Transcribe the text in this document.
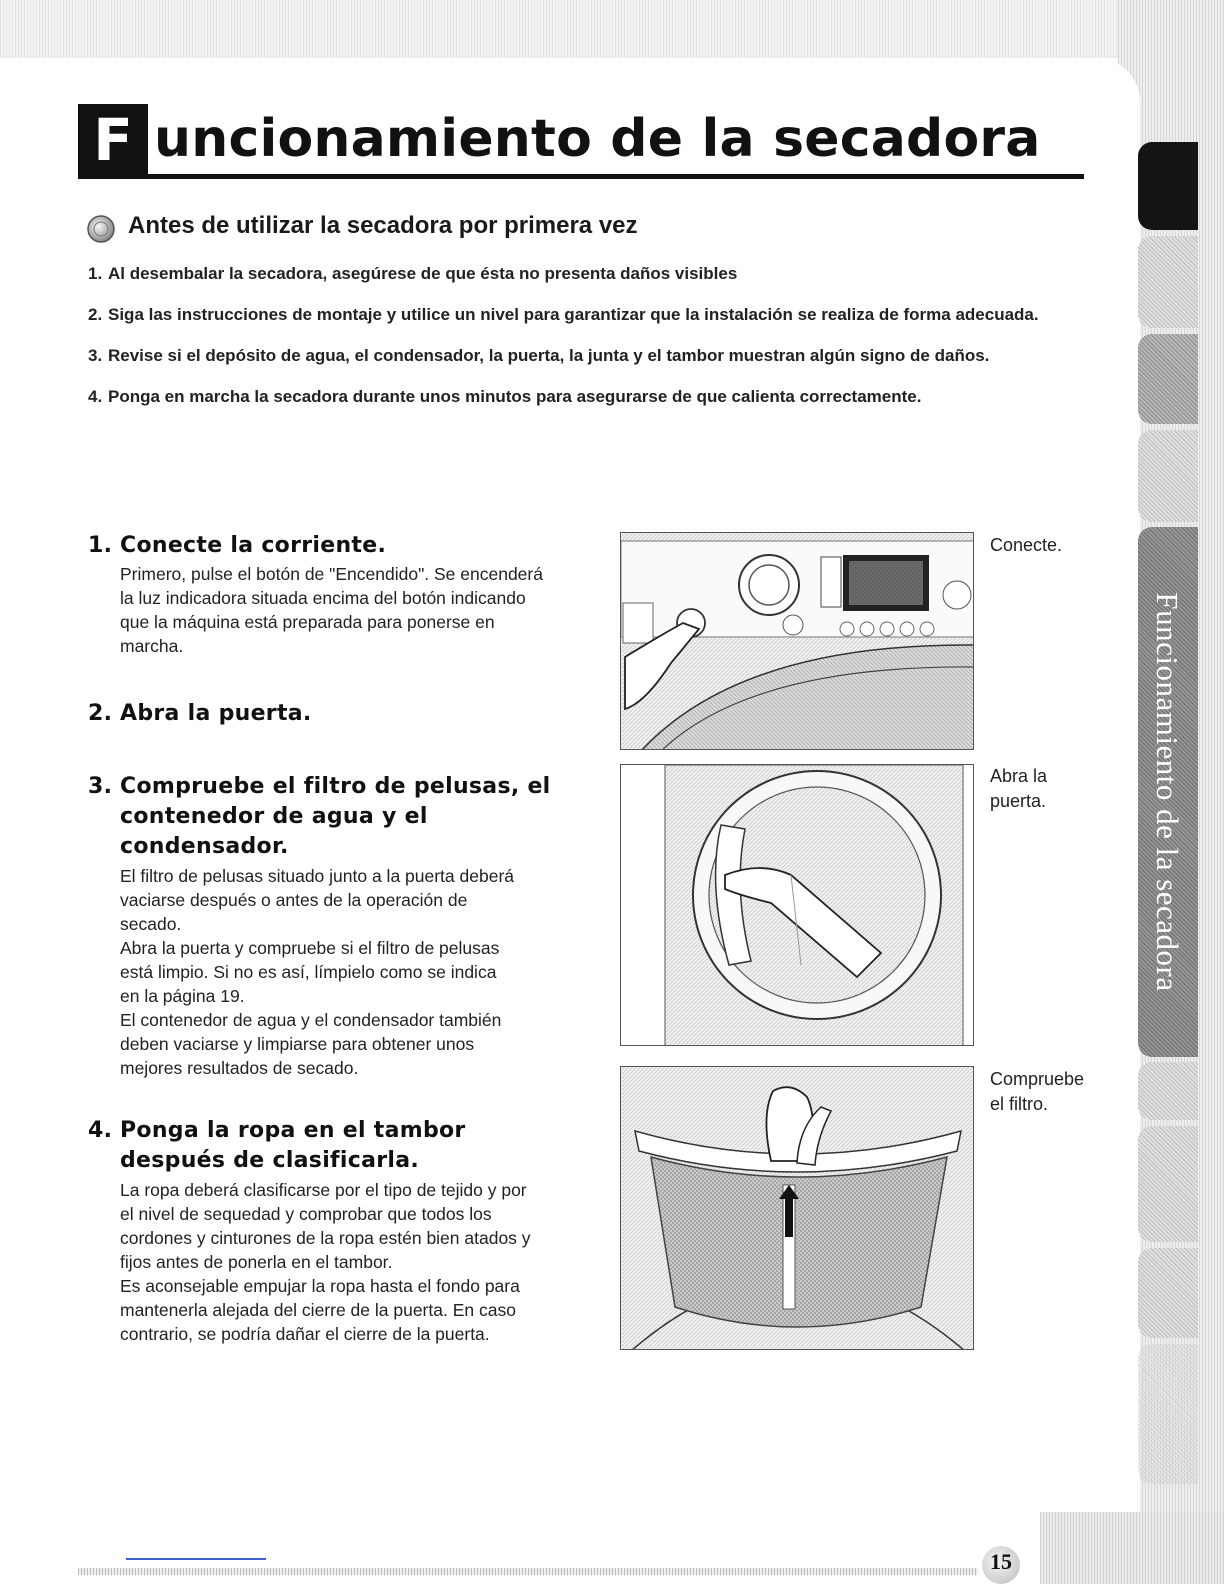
Funcionamiento de la secadora
F uncionamiento de la secadora
Antes de utilizar la secadora por primera vez
1. Al desembalar la secadora, asegúrese de que ésta no presenta daños visibles
2. Siga las instrucciones de montaje y utilice un nivel para garantizar que la instalación se realiza de forma adecuada.
3. Revise si el depósito de agua, el condensador, la puerta, la junta y el tambor muestran algún signo de daños.
4. Ponga en marcha la secadora durante unos minutos para asegurarse de que calienta correctamente.
1. Conecte la corriente.

Primero, pulse el botón de "Encendido". Se encenderá la luz indicadora situada encima del botón indicando que la máquina está preparada para ponerse en marcha.

2. Abra la puerta.
3. Compruebe el filtro de pelusas, el contenedor de agua y el condensador.

El filtro de pelusas situado junto a la puerta deberá vaciarse después o antes de la operación de secado.

Abra la puerta y compruebe si el filtro de pelusas está limpio. Si no es así, límpielo como se indica en la página 19.

El contenedor de agua y el condensador también deben vaciarse y limpiarse para obtener unos mejores resultados de secado.

4. Ponga la ropa en el tambor después de clasificarla.

La ropa deberá clasificarse por el tipo de tejido y por el nivel de sequedad y comprobar que todos los cordones y cinturones de la ropa estén bien atados y fijos antes de ponerla en el tambor.

Es aconsejable empujar la ropa hasta el fondo para mantenerla alejada del cierre de la puerta. En caso contrario, se podría dañar el cierre de la puerta.

Conecte.
Abra la puerta.
Compruebe el filtro.
15
